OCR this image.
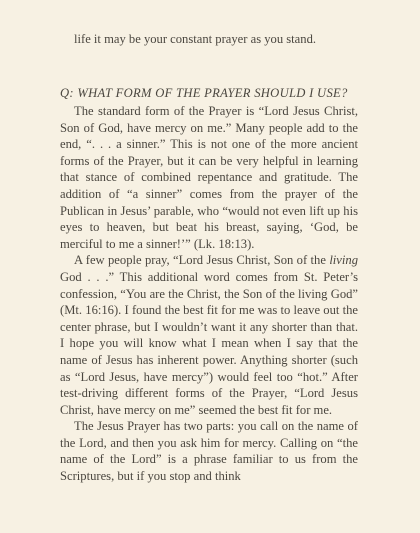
life it may be your constant prayer as you stand.

Q: WHAT FORM OF THE PRAYER SHOULD I USE?

The standard form of the Prayer is “Lord Jesus Christ, Son of God, have mercy on me.” Many people add to the end, “. . . a sinner.” This is not one of the more ancient forms of the Prayer, but it can be very helpful in learning that stance of combined repentance and gratitude. The addition of “a sinner” comes from the prayer of the Publican in Jesus’ parable, who “would not even lift up his eyes to heaven, but beat his breast, saying, ‘God, be merciful to me a sinner!’” (Lk. 18:13).

A few people pray, “Lord Jesus Christ, Son of the living God . . .” This additional word comes from St. Peter’s confession, “You are the Christ, the Son of the living God” (Mt. 16:16). I found the best fit for me was to leave out the center phrase, but I wouldn’t want it any shorter than that. I hope you will know what I mean when I say that the name of Jesus has inherent power. Anything shorter (such as “Lord Jesus, have mercy”) would feel too “hot.” After test-driving different forms of the Prayer, “Lord Jesus Christ, have mercy on me” seemed the best fit for me.

The Jesus Prayer has two parts: you call on the name of the Lord, and then you ask him for mercy. Calling on “the name of the Lord” is a phrase familiar to us from the Scriptures, but if you stop and think
